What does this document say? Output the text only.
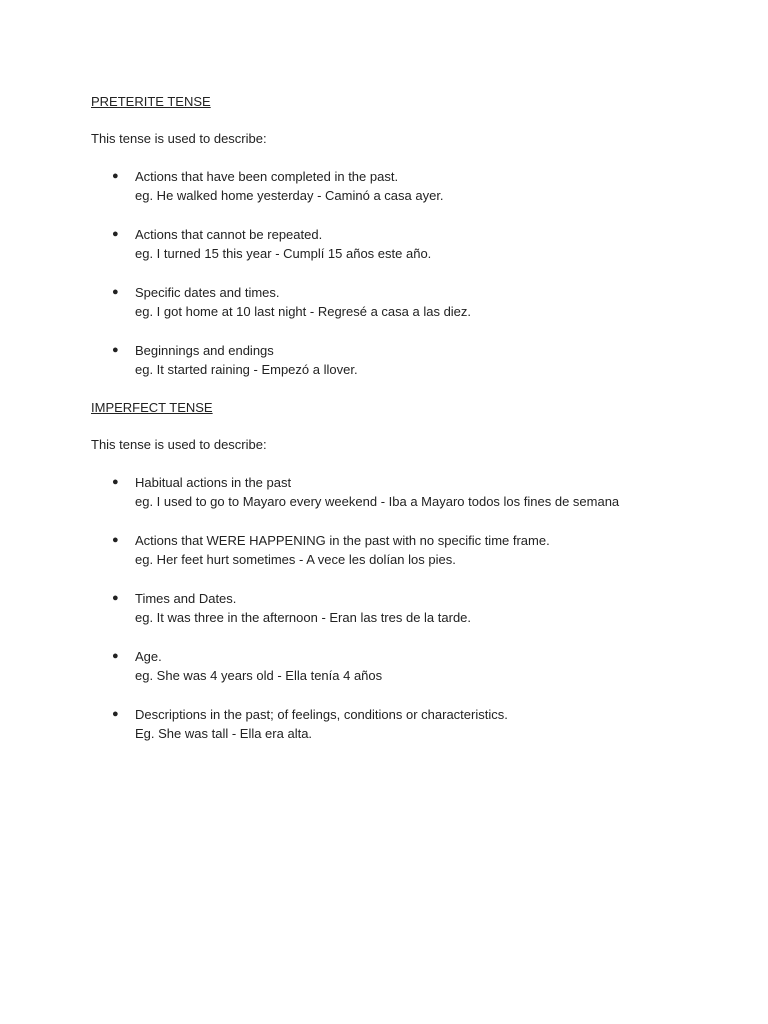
PRETERITE TENSE
This tense is used to describe:
● Actions that have been completed in the past.
eg. He walked home yesterday - Caminó a casa ayer.
● Actions that cannot be repeated.
eg. I turned 15 this year - Cumplí 15 años este año.
● Specific dates and times.
eg. I got home at 10 last night - Regresé a casa a las diez.
● Beginnings and endings
eg. It started raining - Empezó a llover.
IMPERFECT TENSE
This tense is used to describe:
● Habitual actions in the past
eg. I used to go to Mayaro every weekend - Iba a Mayaro todos los fines de semana
● Actions that WERE HAPPENING in the past with no specific time frame.
eg. Her feet hurt sometimes - A vece les dolían los pies.
● Times and Dates.
eg. It was three in the afternoon - Eran las tres de la tarde.
● Age.
eg. She was 4 years old - Ella tenía 4 años
● Descriptions in the past; of feelings, conditions or characteristics.
Eg. She was tall - Ella era alta.
